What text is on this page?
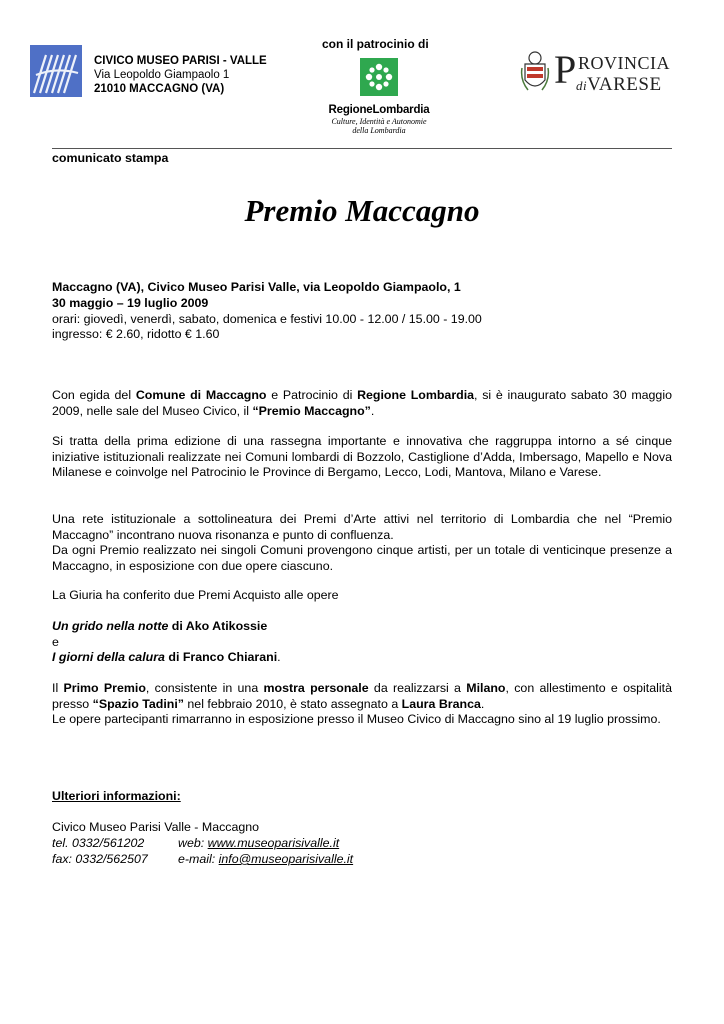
CIVICO MUSEO PARISI - VALLE
Via Leopoldo Giampaolo 1
21010 MACCAGNO (VA)
con il patrocinio di
RegioneLombardia
Culture, Identità e Autonomie
della Lombardia
P ROVINCIA
diVARESE
comunicato stampa
Premio Maccagno
Maccagno (VA), Civico Museo Parisi Valle, via Leopoldo Giampaolo, 1
30 maggio – 19 luglio 2009
orari: giovedì, venerdì, sabato, domenica e festivi 10.00 - 12.00 / 15.00 - 19.00
ingresso: € 2.60, ridotto € 1.60

Con egida del Comune di Maccagno e Patrocinio di Regione Lombardia, si è inaugurato sabato 30 maggio 2009, nelle sale del Museo Civico, il “Premio Maccagno”.

Si tratta della prima edizione di una rassegna importante e innovativa che raggruppa intorno a sé cinque iniziative istituzionali realizzate nei Comuni lombardi di Bozzolo, Castiglione d’Adda, Imbersago, Mapello e Nova Milanese e coinvolge nel Patrocinio le Province di Bergamo, Lecco, Lodi, Mantova, Milano e Varese.

Una rete istituzionale a sottolineatura dei Premi d’Arte attivi nel territorio di Lombardia che nel “Premio Maccagno” incontrano nuova risonanza e punto di confluenza.

Da ogni Premio realizzato nei singoli Comuni provengono cinque artisti, per un totale di venticinque presenze a Maccagno, in esposizione con due opere ciascuno.

La Giuria ha conferito due Premi Acquisto alle opere

Un grido nella notte di Ako Atikossie
e
I giorni della calura di Franco Chiarani.

Il Primo Premio, consistente in una mostra personale da realizzarsi a Milano, con allestimento e ospitalità presso “Spazio Tadini” nel febbraio 2010, è stato assegnato a Laura Branca.

Le opere partecipanti rimarranno in esposizione presso il Museo Civico di Maccagno sino al 19 luglio prossimo.

Ulteriori informazioni:
Civico Museo Parisi Valle - Maccagno
tel. 0332/561202	web: www.museoparisivalle.it
fax: 0332/562507 e-mail: info@museoparisivalle.it
